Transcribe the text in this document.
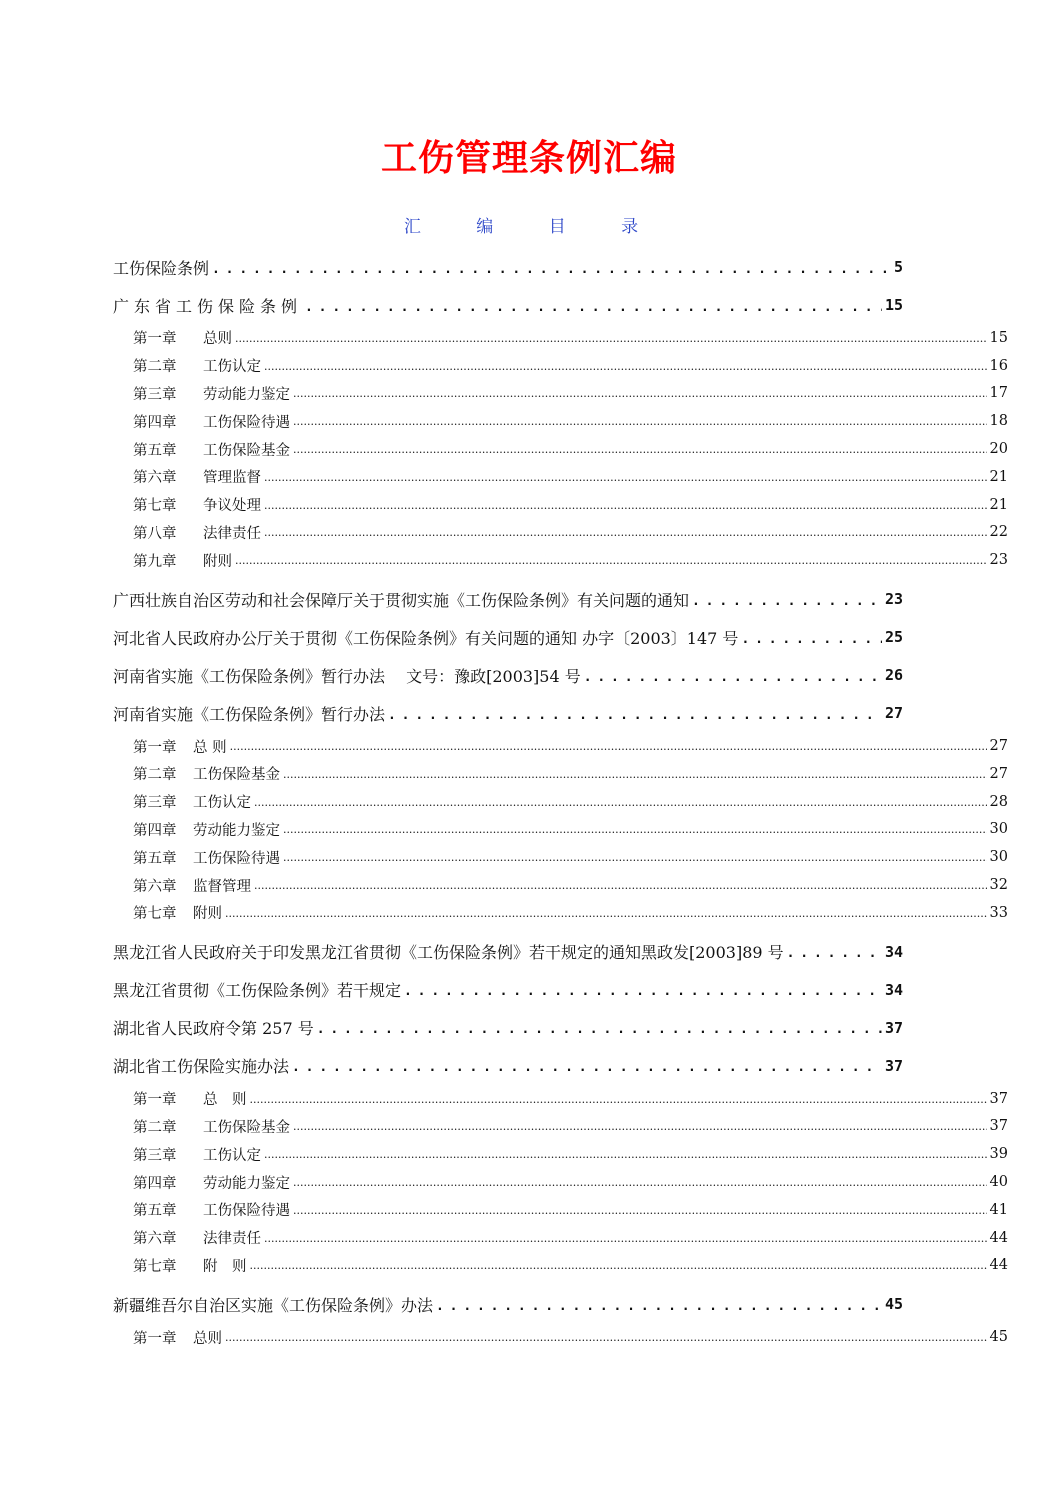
工伤管理条例汇编
汇 编 目 录
工伤保险条例 . . .	5
广东省工伤保险条例 . . .	15
第一章 总则 .....	15
第二章 工伤认定 .....	16
第三章 劳动能力鉴定 .....	17
第四章 工伤保险待遇 .....	18
第五章 工伤保险基金 .....	20
第六章 管理监督 .....	21
第七章 争议处理 .....	21
第八章 法律责任 .....	22
第九章 附则 .....	23
广西壮族自治区劳动和社会保障厅关于贯彻实施《工伤保险条例》有关问题的通知 . . .	23
河北省人民政府办公厅关于贯彻《工伤保险条例》有关问题的通知 办字〔2003〕147 号 . . .	25
河南省实施《工伤保险条例》暂行办法　 文号：豫政[2003]54 号 . . .	26
河南省实施《工伤保险条例》暂行办法 . . .	27
第一章 总 则 .....	27
第二章 工伤保险基金 .....	27
第三章 工伤认定 .....	28
第四章 劳动能力鉴定 .....	30
第五章 工伤保险待遇 .....	30
第六章 监督管理 .....	32
第七章 附则 .....	33
黑龙江省人民政府关于印发黑龙江省贯彻《工伤保险条例》若干规定的通知黑政发[2003]89 号 . . .	34
黑龙江省贯彻《工伤保险条例》若干规定 . . .	34
湖北省人民政府令第 257 号 . . .	37
湖北省工伤保险实施办法 . . .	37
第一章 总　则 .....	37
第二章 工伤保险基金 .....	37
第三章 工伤认定 .....	39
第四章 劳动能力鉴定 .....	40
第五章 工伤保险待遇 .....	41
第六章 法律责任 .....	44
第七章 附　则 .....	44
新疆维吾尔自治区实施《工伤保险条例》办法 . . .	45
第一章 总则 .....	45
